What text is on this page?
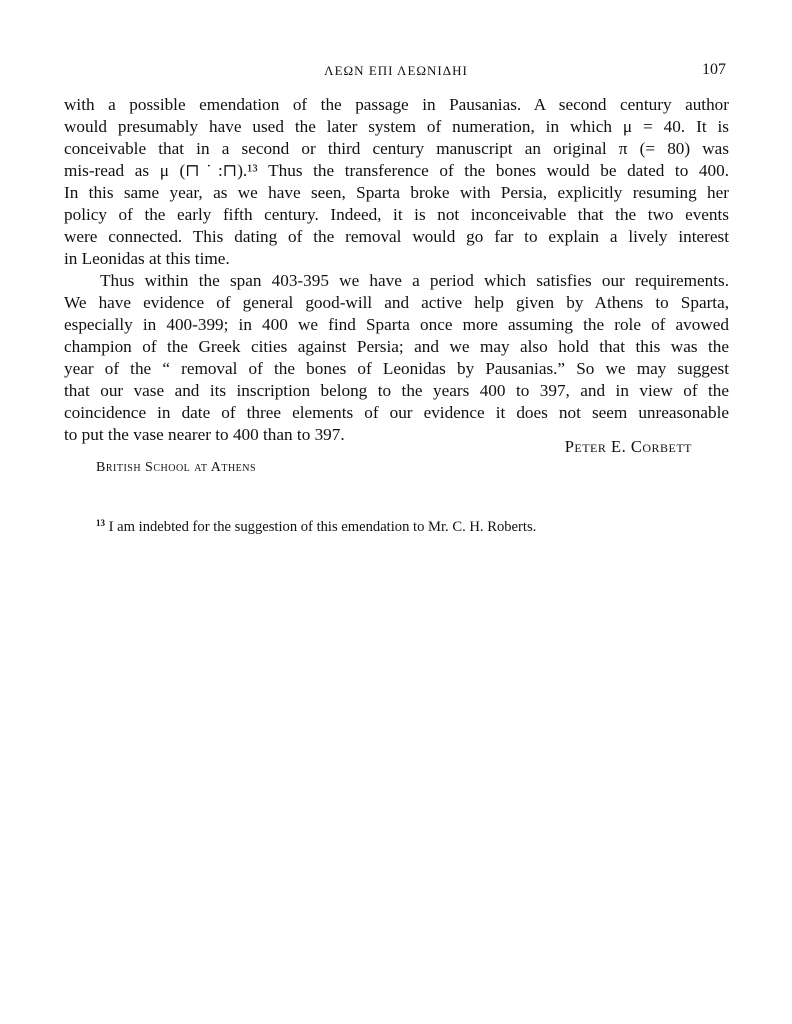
ΛΕΩΝ ΕΠΙ ΛΕΩΝΙΔΗΙ	107
with a possible emendation of the passage in Pausanias. A second century author
would presumably have used the later system of numeration, in which μ = 40. It is
conceivable that in a second or third century manuscript an original π (= 80) was
mis-read as μ (⊓˙:⊓).¹³ Thus the transference of the bones would be dated to 400.
In this same year, as we have seen, Sparta broke with Persia, explicitly resuming her
policy of the early fifth century. Indeed, it is not inconceivable that the two events
were connected. This dating of the removal would go far to explain a lively interest
in Leonidas at this time.
Thus within the span 403-395 we have a period which satisfies our requirements.
We have evidence of general good-will and active help given by Athens to Sparta,
especially in 400-399; in 400 we find Sparta once more assuming the role of avowed
champion of the Greek cities against Persia; and we may also hold that this was the
year of the “ removal of the bones of Leonidas by Pausanias.” So we may suggest
that our vase and its inscription belong to the years 400 to 397, and in view of the
coincidence in date of three elements of our evidence it does not seem unreasonable
to put the vase nearer to 400 than to 397.
Peter E. Corbett
British School at Athens
$^{13}$ I am indebted for the suggestion of this emendation to Mr. C. H. Roberts.
